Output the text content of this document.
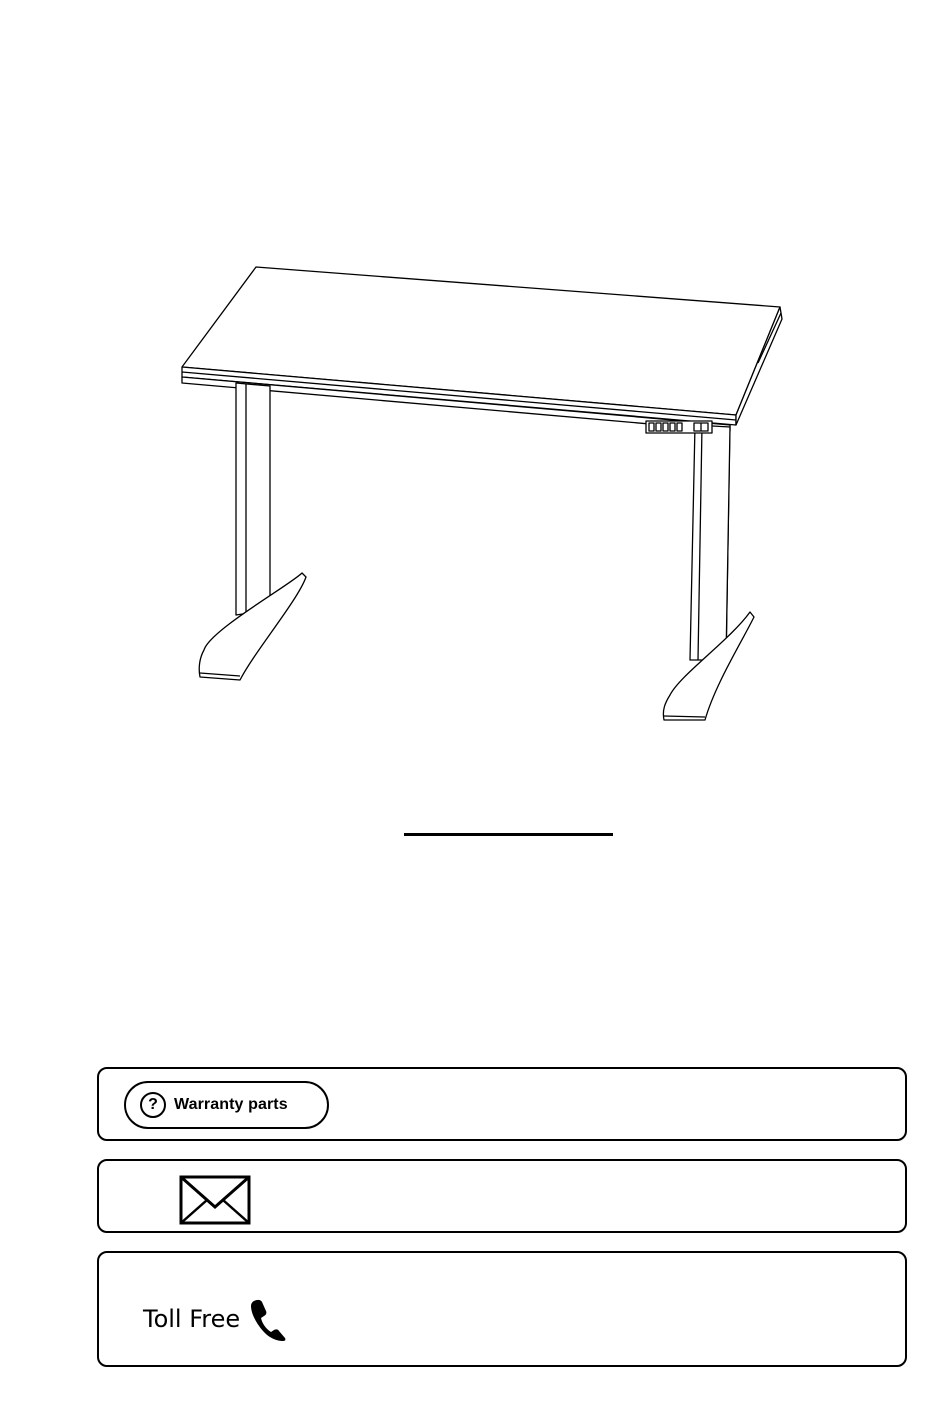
?	Warranty parts
Toll Free
